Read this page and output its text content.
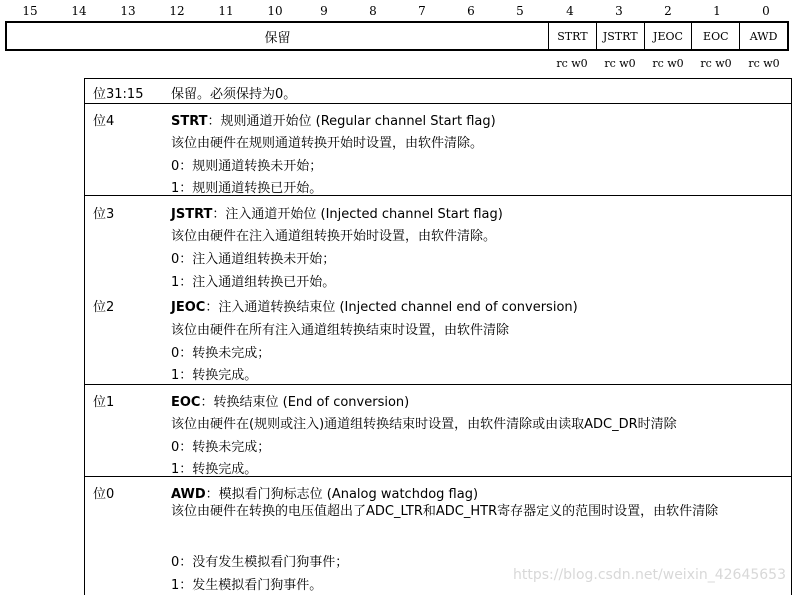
15	14	13	12	11	10	9	8	7	6	5	4	3	2	1	0
保留	STRT	JSTRT	JEOC	EOC	AWD
rc w0	rc w0	rc w0	rc w0	rc w0
位31:15 保留。必须保持为0。
位4	STRT：规则通道开始位 (Regular channel Start flag)
该位由硬件在规则通道转换开始时设置，由软件清除。
0：规则通道转换未开始；
1：规则通道转换已开始。
位3	JSTRT：注入通道开始位 (Injected channel Start flag)
该位由硬件在注入通道组转换开始时设置，由软件清除。
0：注入通道组转换未开始；
1：注入通道组转换已开始。
位2	JEOC：注入通道转换结束位 (Injected channel end of conversion)
该位由硬件在所有注入通道组转换结束时设置，由软件清除
0：转换未完成；
1：转换完成。
位1	EOC：转换结束位 (End of conversion)
该位由硬件在(规则或注入)通道组转换结束时设置，由软件清除或由读取ADC_DR时清除
0：转换未完成；
1：转换完成。
位0	AWD：模拟看门狗标志位 (Analog watchdog flag)
该位由硬件在转换的电压值超出了ADC_LTR和ADC_HTR寄存器定义的范围时设置，由软件清除
0：没有发生模拟看门狗事件；
1：发生模拟看门狗事件。
https://blog.csdn.net/weixin_42645653
